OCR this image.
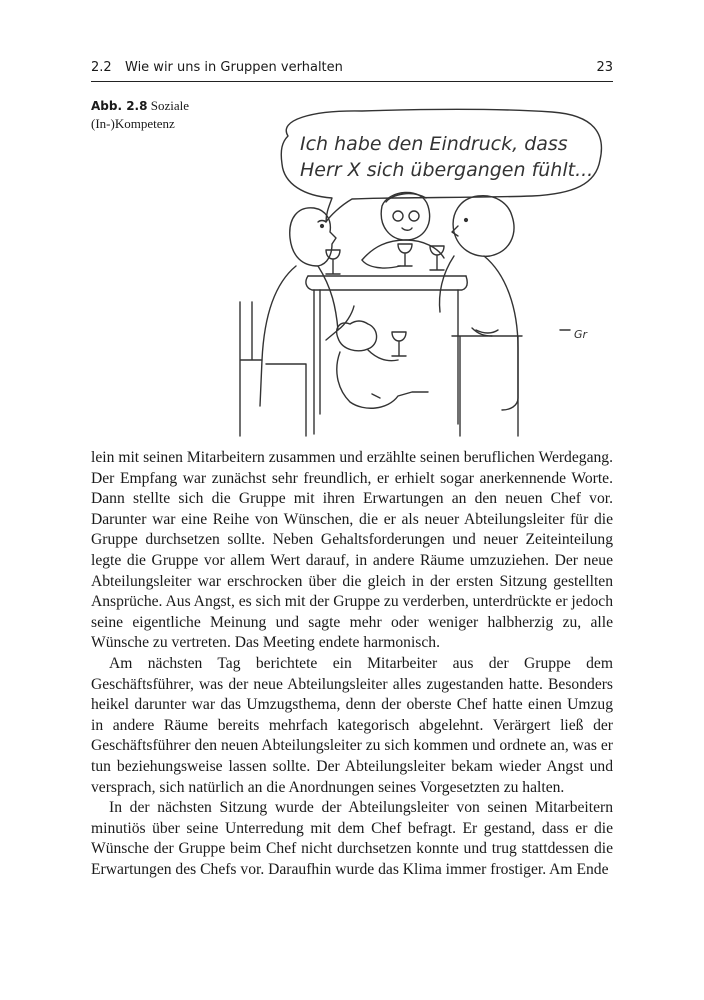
2.2 Wie wir uns in Gruppen verhalten	23
Abb. 2.8 Soziale (In-)Kompetenz
Ich habe den Eindruck, dass
Herr X sich übergangen fühlt...
Gr

lein mit seinen Mitarbeitern zusammen und erzählte seinen beruflichen Werdegang. Der Empfang war zunächst sehr freundlich, er erhielt sogar anerkennende Worte. Dann stellte sich die Gruppe mit ihren Erwartungen an den neuen Chef vor. Darunter war eine Reihe von Wünschen, die er als neuer Abteilungsleiter für die Gruppe durchsetzen sollte. Neben Gehaltsforderungen und neuer Zeiteinteilung legte die Gruppe vor allem Wert darauf, in andere Räume umzuziehen. Der neue Abteilungsleiter war erschrocken über die gleich in der ersten Sitzung gestellten Ansprüche. Aus Angst, es sich mit der Gruppe zu verderben, unterdrückte er jedoch seine eigentliche Meinung und sagte mehr oder weniger halbherzig zu, alle Wünsche zu vertreten. Das Meeting endete harmonisch.

Am nächsten Tag berichtete ein Mitarbeiter aus der Gruppe dem Geschäftsführer, was der neue Abteilungsleiter alles zugestanden hatte. Besonders heikel darunter war das Umzugsthema, denn der oberste Chef hatte einen Umzug in andere Räume bereits mehrfach kategorisch abgelehnt. Verärgert ließ der Geschäftsführer den neuen Abteilungsleiter zu sich kommen und ordnete an, was er tun beziehungsweise lassen sollte. Der Abteilungsleiter bekam wieder Angst und versprach, sich natürlich an die Anordnungen seines Vorgesetzten zu halten.

In der nächsten Sitzung wurde der Abteilungsleiter von seinen Mitarbeitern minutiös über seine Unterredung mit dem Chef befragt. Er gestand, dass er die Wünsche der Gruppe beim Chef nicht durchsetzen konnte und trug stattdessen die Erwartungen des Chefs vor. Daraufhin wurde das Klima immer frostiger. Am Ende
